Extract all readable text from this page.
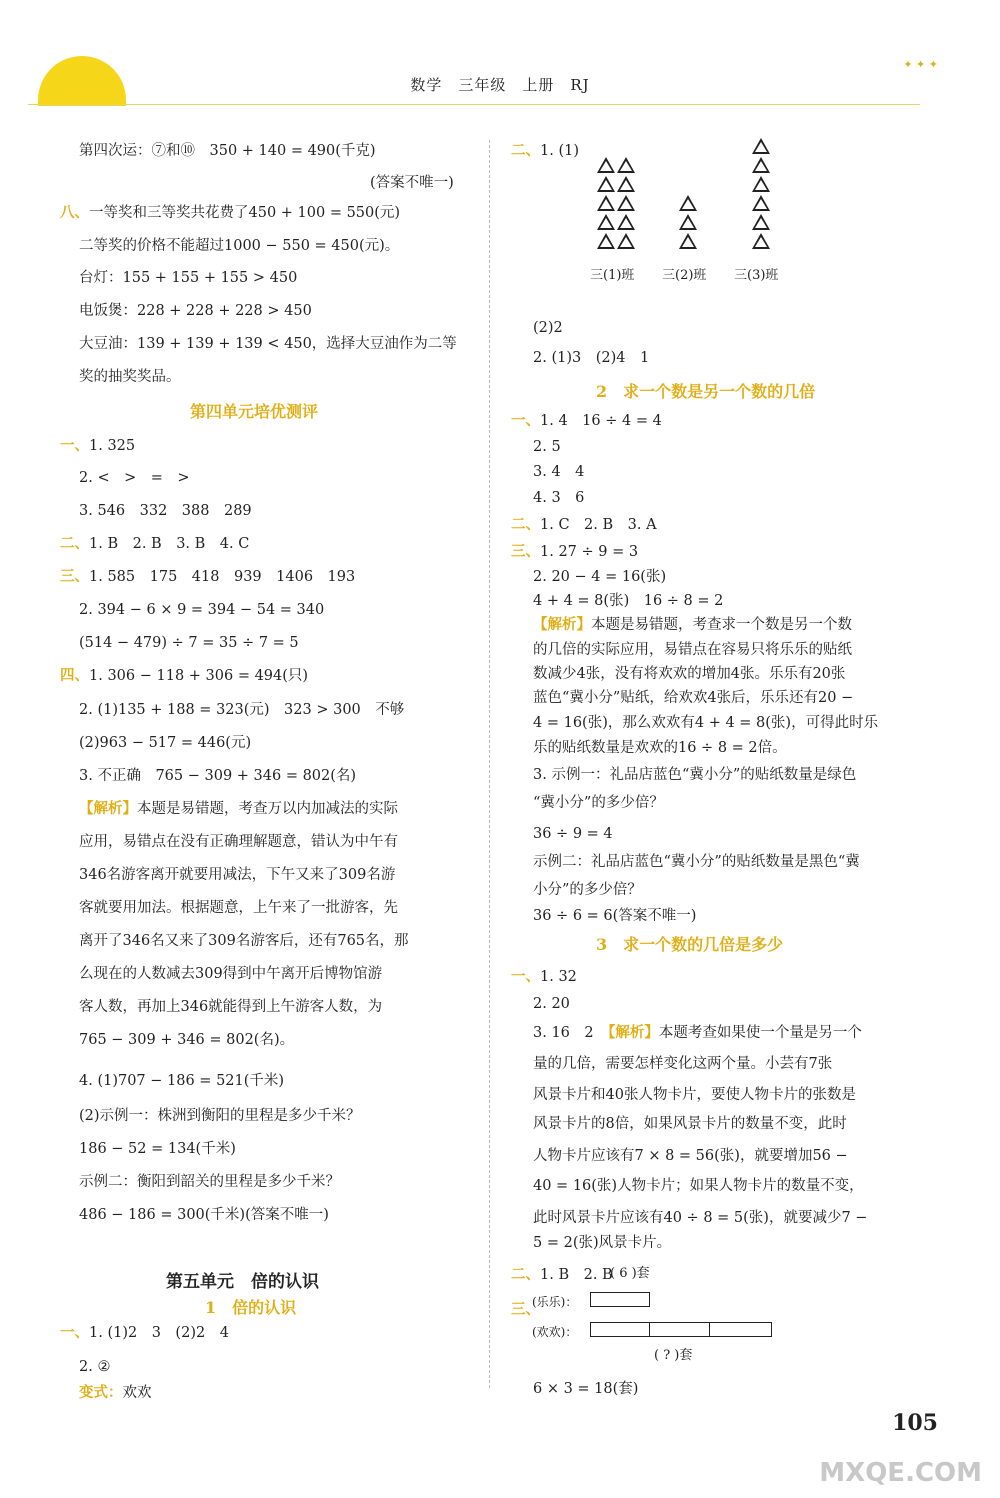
数学　三年级　上册　RJ
✦ ✦ ✦
第四次运：⑦和⑩　350 + 140 = 490(千克)
(答案不唯一)
八、一等奖和三等奖共花费了450 + 100 = 550(元)
二等奖的价格不能超过1000 − 550 = 450(元)。
台灯：155 + 155 + 155 > 450
电饭煲：228 + 228 + 228 > 450
大豆油：139 + 139 + 139 < 450，选择大豆油作为二等
奖的抽奖奖品。
第四单元培优测评
一、1. 325
2. <　>　=　>
3. 546　332　388　289
二、1. B　2. B　3. B　4. C
三、1. 585　175　418　939　1406　193
2. 394 − 6 × 9 = 394 − 54 = 340
(514 − 479) ÷ 7 = 35 ÷ 7 = 5
四、1. 306 − 118 + 306 = 494(只)
2. (1)135 + 188 = 323(元)　323 > 300　不够
(2)963 − 517 = 446(元)
3. 不正确　765 − 309 + 346 = 802(名)
【解析】本题是易错题，考查万以内加减法的实际
应用，易错点在没有正确理解题意，错认为中午有
346名游客离开就要用减法，下午又来了309名游
客就要用加法。根据题意，上午来了一批游客，先
离开了346名又来了309名游客后，还有765名，那
么现在的人数减去309得到中午离开后博物馆游
客人数，再加上346就能得到上午游客人数，为
765 − 309 + 346 = 802(名)。
4. (1)707 − 186 = 521(千米)
(2)示例一：株洲到衡阳的里程是多少千米？
186 − 52 = 134(千米)
示例二：衡阳到韶关的里程是多少千米？
486 − 186 = 300(千米)(答案不唯一)
第五单元　倍的认识
1　倍的认识
一、1. (1)2　3　(2)2　4
2. ②
变式：欢欢
二、1. (1)
(2)2
2. (1)3　(2)4　1
2　求一个数是另一个数的几倍
一、1. 4　16 ÷ 4 = 4
2. 5
3. 4　4
4. 3　6
二、1. C　2. B　3. A
三、1. 27 ÷ 9 = 3
2. 20 − 4 = 16(张)
4 + 4 = 8(张)　16 ÷ 8 = 2
【解析】本题是易错题，考查求一个数是另一个数
的几倍的实际应用，易错点在容易只将乐乐的贴纸
数减少4张，没有将欢欢的增加4张。乐乐有20张
蓝色“冀小分”贴纸，给欢欢4张后，乐乐还有20 −
4 = 16(张)，那么欢欢有4 + 4 = 8(张)，可得此时乐
乐的贴纸数量是欢欢的16 ÷ 8 = 2倍。
3. 示例一：礼品店蓝色“冀小分”的贴纸数量是绿色
“冀小分”的多少倍？
36 ÷ 9 = 4
示例二：礼品店蓝色“冀小分”的贴纸数量是黑色“冀
小分”的多少倍？
36 ÷ 6 = 6(答案不唯一)
3　求一个数的几倍是多少
一、1. 32
2. 20
3. 16　2　【解析】本题考查如果使一个量是另一个
量的几倍，需要怎样变化这两个量。小芸有7张
风景卡片和40张人物卡片，要使人物卡片的张数是
风景卡片的8倍，如果风景卡片的数量不变，此时
人物卡片应该有7 × 8 = 56(张)，就要增加56 −
40 = 16(张)人物卡片；如果人物卡片的数量不变，
此时风景卡片应该有40 ÷ 8 = 5(张)，就要减少7 −
5 = 2(张)风景卡片。
二、1. B　2. B
三、
6 × 3 = 18(套)
三(1)班 三(2)班 三(3)班
( 6 )套
(乐乐)：
(欢欢)：
( ? )套
105
MXQE.COM
